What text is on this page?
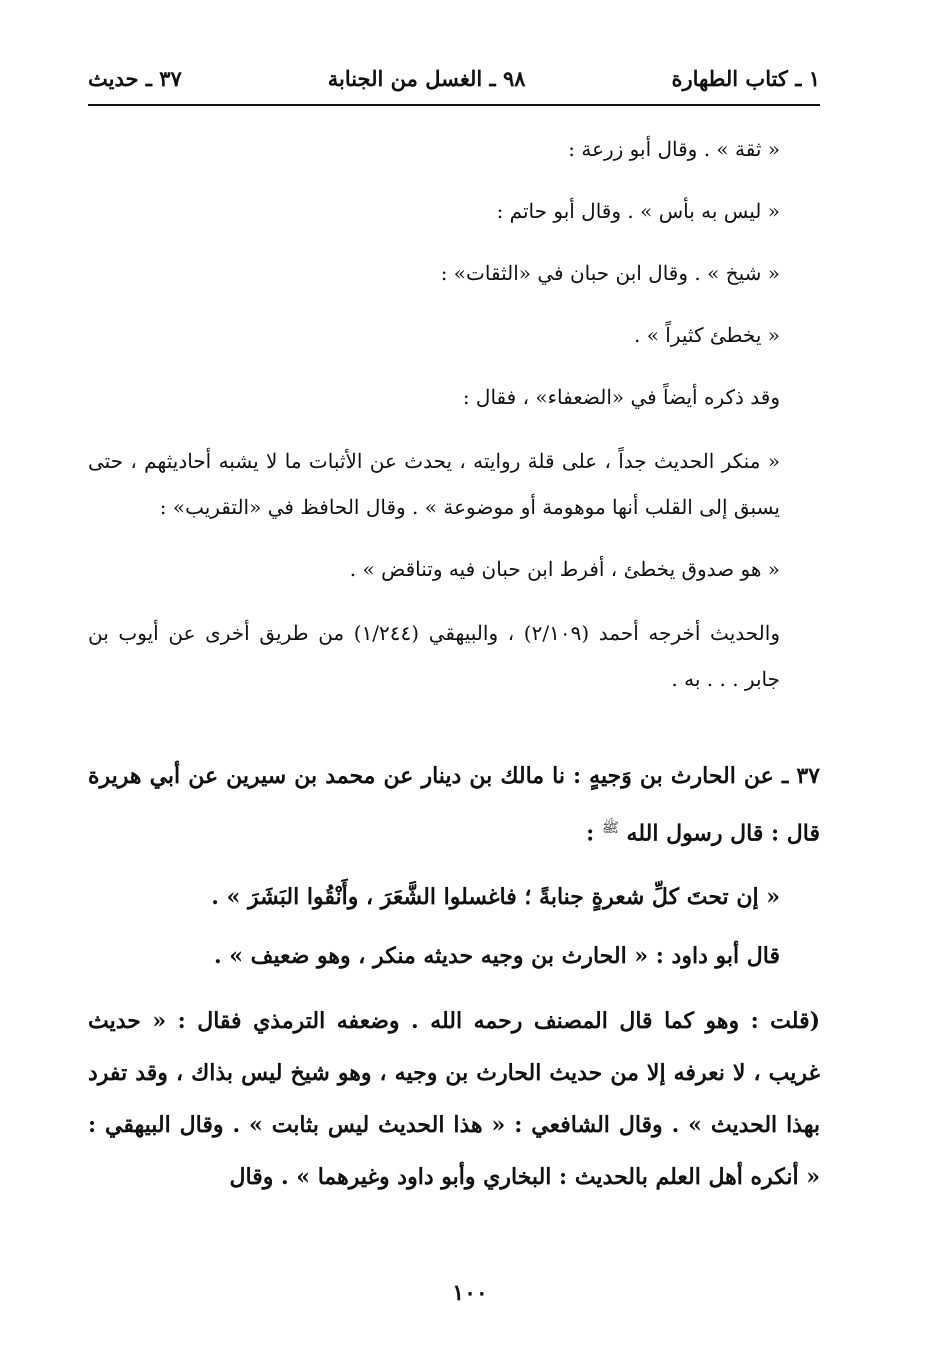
١ ـ كتاب الطهارة
٩٨ ـ الغسل من الجنابة
٣٧ ـ حديث

« ثقة » . وقال أبو زرعة :

« ليس به بأس » . وقال أبو حاتم :

« شيخ » . وقال ابن حبان في «الثقات» :

« يخطئ كثيراً » .

وقد ذكره أيضاً في «الضعفاء» ، فقال :

« منكر الحديث جداً ، على قلة روايته ، يحدث عن الأثبات ما لا يشبه أحاديثهم ، حتى يسبق إلى القلب أنها موهومة أو موضوعة » . وقال الحافظ في «التقريب» :

« هو صدوق يخطئ ، أفرط ابن حبان فيه وتناقض » .

والحديث أخرجه أحمد (٢/١٠٩) ، والبيهقي (١/٢٤٤) من طريق أخرى عن أيوب بن جابر . . . به .

٣٧ ـ عن الحارث بن وَجيهٍ : نا مالك بن دينار عن محمد بن سيرين عن أبي هريرة قال : قال رسول الله $^ﷺ$ :

« إن تحتَ كلِّ شعرةٍ جنابةً ؛ فاغسلوا الشَّعَرَ ، وأَنْقُوا البَشَرَ » .

قال أبو داود : « الحارث بن وجيه حديثه منكر ، وهو ضعيف » .

(قلت : وهو كما قال المصنف رحمه الله . وضعفه الترمذي فقال : « حديث غريب ، لا نعرفه إلا من حديث الحارث بن وجيه ، وهو شيخ ليس بذاك ، وقد تفرد بهذا الحديث » . وقال الشافعي : « هذا الحديث ليس بثابت » . وقال البيهقي : « أنكره أهل العلم بالحديث : البخاري وأبو داود وغيرهما » . وقال

١٠٠
